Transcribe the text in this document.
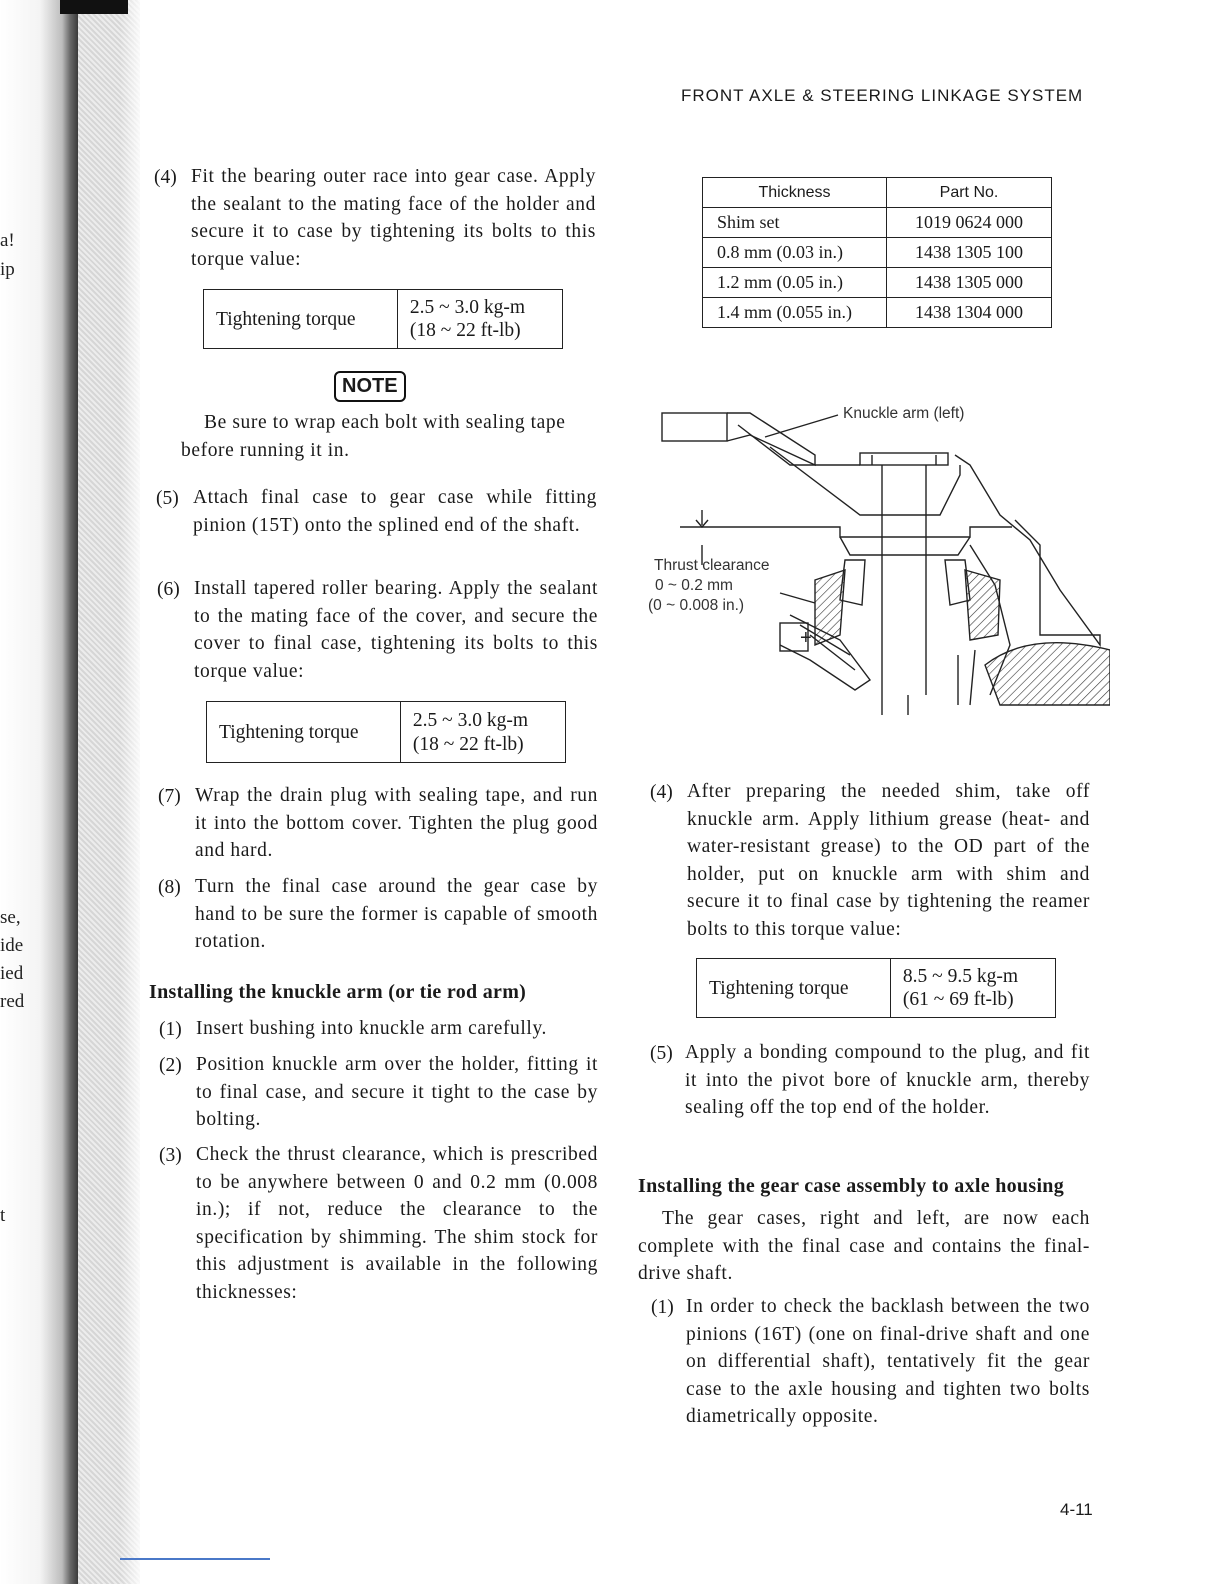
a!
ip
se,
ide
ied
red
t
FRONT AXLE & STEERING LINKAGE SYSTEM
(4) Fit the bearing outer race into gear case. Apply the sealant to the mating face of the holder and secure it to case by tightening its bolts to this torque value:

Tightening torque	2.5 ~ 3.0 kg-m
(18 ~ 22 ft-lb)
NOTE

Be sure to wrap each bolt with sealing tape before running it in.

(5) Attach final case to gear case while fitting pinion (15T) onto the splined end of the shaft.

(6) Install tapered roller bearing. Apply the sealant to the mating face of the cover, and secure the cover to final case, tightening its bolts to this torque value:

Tightening torque	2.5 ~ 3.0 kg-m
(18 ~ 22 ft-lb)
(7) Wrap the drain plug with sealing tape, and run it into the bottom cover. Tighten the plug good and hard.

(8) Turn the final case around the gear case by hand to be sure the former is capable of smooth rotation.

Installing the knuckle arm (or tie rod arm)
(1) Insert bushing into knuckle arm carefully.

(2) Position knuckle arm over the holder, fitting it to final case, and secure it tight to the case by bolting.

(3) Check the thrust clearance, which is prescribed to be anywhere between 0 and 0.2 mm (0.008 in.); if not, reduce the clearance to the specification by shimming. The shim stock for this adjustment is available in the following thicknesses:

Thickness	Part No.
Shim set	1019 0624 000
0.8 mm (0.03 in.)	1438 1305 100
1.2 mm (0.05 in.)	1438 1305 000
1.4 mm (0.055 in.)	1438 1304 000
+
Knuckle arm (left)
Thrust clearance
0 ~ 0.2 mm
(0 ~ 0.008 in.)
(4) After preparing the needed shim, take off knuckle arm. Apply lithium grease (heat- and water-resistant grease) to the OD part of the holder, put on knuckle arm with shim and secure it to final case by tightening the reamer bolts to this torque value:

Tightening torque	8.5 ~ 9.5 kg-m
(61 ~ 69 ft-lb)
(5) Apply a bonding compound to the plug, and fit it into the pivot bore of knuckle arm, thereby sealing off the top end of the holder.

Installing the gear case assembly to axle housing

The gear cases, right and left, are now each complete with the final case and contains the final-drive shaft.

(1) In order to check the backlash between the two pinions (16T) (one on final-drive shaft and one on differential shaft), tentatively fit the gear case to the axle housing and tighten two bolts diametrically opposite.

4-11
